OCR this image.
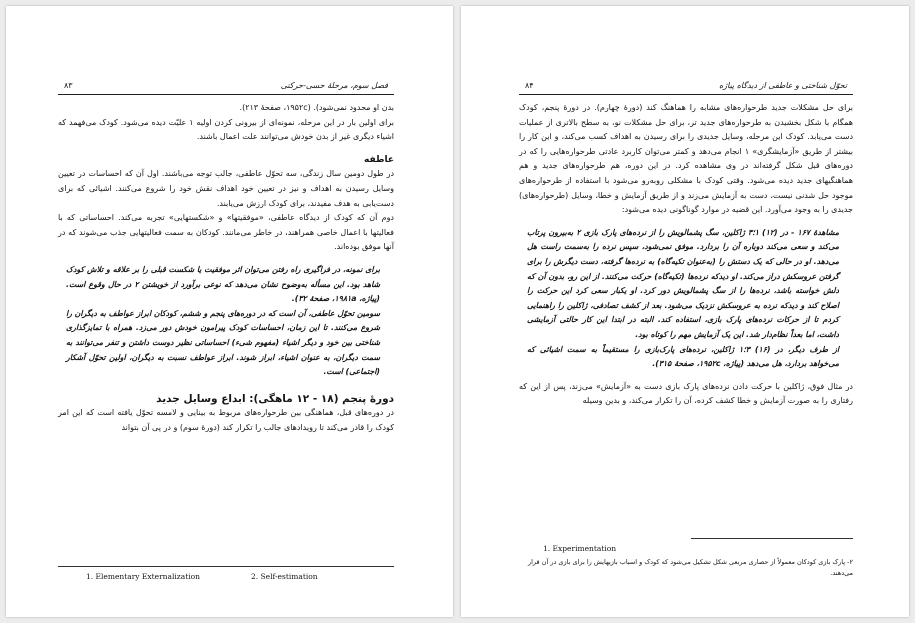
فصل سوم، مرحلهٔ حسی-حرکتی
۸۳

بدن او محدود نمی‌شود). (۱۹۵۲c، صفحهٔ ۲۱۳).

برای اولین بار در این مرحله، نمونه‌ای از بیرونی کردن اولیه ۱ علیّت دیده می‌شود. کودک می‌فهمد که اشیاء دیگری غیر از بدن خودش می‌توانند علت اعمال باشند.

عاطفه

در طول دومین سال زندگی، سه تحوّل عاطفی، جالب توجه می‌باشند. اول آن که احساسات در تعیین وسایل رسیدن به اهداف و نیز در تعیین خود اهداف نقش خود را شروع می‌کنند. اشیائی که برای دست‌یابی به هدف مفیدند، برای کودک ارزش می‌یابند.

دوم آن که کودک از دیدگاه عاطفی، «موفقیتها» و «شکستهایی» تجربه می‌کند. احساساتی که با فعالیتها با اعمال خاصی همراهند، در خاطر می‌مانند. کودکان به سمت فعالیتهایی جذب می‌شوند که در آنها موفق بوده‌اند.

برای نمونه، در فراگیری راه رفتن می‌توان اثر موفقیت یا شکست قبلی را بر علاقه و تلاش کودک شاهد بود. این مسأله به‌وضوح نشان می‌دهد که نوعی برآورد از خویشتن ۲ در حال وقوع است. (پیاژه، ۱۹۸۱a، صفحهٔ ۳۲).

سومین تحوّل عاطفی، آن است که در دوره‌های پنجم و ششم، کودکان ابراز عواطف به دیگران را شروع می‌کنند. تا این زمان، احساسات کودک پیرامون خودش دور می‌زد. همراه با تمایزگذاری شناختی بین خود و دیگر اشیاء (مفهوم شیء) احساساتی نظیر دوست داشتن و تنفر می‌توانند به سمت دیگران، به عنوان اشیاء، ابراز شوند. ابراز عواطف نسبت به دیگران، اولین تحوّل آشکار (اجتماعی) است.

دورهٔ پنجم (۱۸ - ۱۲ ماهگی): ابداع وسایل جدید

در دوره‌های قبل، هماهنگی بین طرحواره‌های مربوط به بینایی و لامسه تحوّل یافته است که این امر کودک را قادر می‌کند تا رویدادهای جالب را تکرار کند (دورهٔ سوم) و در پی آن بتواند

1. Elementary Externalization	2. Self-estimation
تحوّل شناختی و عاطفی از دیدگاه پیاژه
۸۴

برای حل مشکلات جدید طرحواره‌های مشابه را هماهنگ کند (دورهٔ چهارم). در دورهٔ پنجم، کودک همگام با شکل بخشیدن به طرحواره‌های جدید تر، برای حل مشکلات نو، به سطح بالاتری از عملیات دست می‌یابد. کودک این مرحله، وسایل جدیدی را برای رسیدن به اهداف کسب می‌کند، و این کار را بیشتر از طریق «آزمایشگری» ۱ انجام می‌دهد و کمتر می‌توان کاربرد عادتی طرحواره‌هایی را که در دوره‌های قبل شکل گرفته‌اند در وی مشاهده کرد. در این دوره، هم طرحواره‌های جدید و هم هماهنگیهای جدید دیده می‌شود. وقتی کودک با مشکلی روبه‌رو می‌شود با استفاده از طرحواره‌های موجود حل شدنی نیست، دست به آزمایش می‌زند و از طریق آزمایش و خطا، وسایل (طرحواره‌های) جدیدی را به وجود می‌آورد. این قضیه در موارد گوناگونی دیده می‌شود:

مشاهدهٔ ۱۶۷ - در (۱۲) ۱؛۳ ژاکلین، سگ پشمالویش را از نرده‌های پارک بازی ۲ به‌بیرون پرتاب می‌کند و سعی می‌کند دوباره آن را بردارد. موفق نمی‌شود، سپس نرده را به‌سمت راست هل می‌دهد. او در حالی که یک دستش را (به‌عنوان تکیه‌گاه) به نرده‌ها گرفته، دست دیگرش را برای گرفتن عروسکش دراز می‌کند. او دیدکه نرده‌ها (تکیه‌گاه) حرکت می‌کنند. از این رو، بدون آن که دلش خواسته باشد، نرده‌ها را از سگ پشمالویش دور کرد. او یکبار سعی کرد این حرکت را اصلاح کند و دیدکه نرده به عروسکش نزدیک می‌شود. بعد از کشف تصادفی، ژاکلین را راهنمایی کردم تا از حرکات نرده‌های پارک بازی، استفاده کند. البته در ابتدا این کار حالتی آزمایشی داشت، اما بعداً نظام‌دار شد. این یک آزمایش مهم را کوتاه بود.

از طرف دیگر، در (۱۶) ۳؛۱ ژاکلین، نرده‌های پارک‌بازی را مستقیماً به سمت اشیائی که می‌خواهد بردارد، هل می‌دهد (پیاژه، ۱۹۵۲c، صفحهٔ ۳۱۵).

در مثال فوق، ژاکلین با حرکت دادن نرده‌های پارک بازی دست به «آزمایش» می‌زند، پس از این که رفتاری را به صورت آزمایش و خطا کشف کرده، آن را تکرار می‌کند، و بدین وسیله

1. Experimentation
۲- پارک بازی کودکان معمولاً از حصاری مربعی شکل تشکیل می‌شود که کودک و اسباب بازیها‌یش را برای بازی در آن قرار می‌دهند.
